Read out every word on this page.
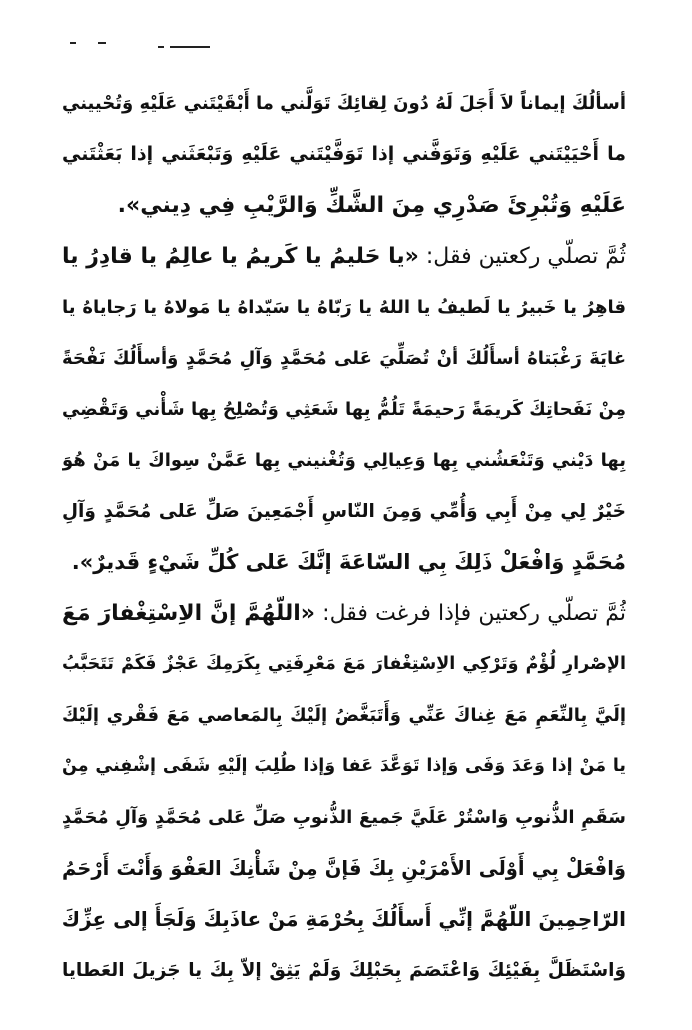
أسألُكَ إيماناً لاَ أَجَلَ لَهُ دُونَ لِقائِكَ تَوَلَّني ما أَبْقَيْتَني عَلَيْهِ وَتُحْييني
ما أَحْيَيْتَني عَلَيْهِ وَتَوَفَّني إذا تَوَفَّيْتَني عَلَيْهِ وَتَبْعَثَني إذا بَعَثْتَني
عَلَيْهِ وَتُبْرِئَ صَدْرِي مِنَ الشَّكِّ وَالرَّيْبِ فِي دِيني».
ثُمَّ تصلّي ركعتين فقل: «يا حَليمُ يا كَريمُ يا عالِمُ يا قادِرُ يا
قاهِرُ يا خَبيرُ يا لَطيفُ يا اللهُ يا رَبّاهُ يا سَيّداهُ يا مَولاهُ يا رَجاياهُ يا
غايَةَ رَغْبَتاهُ أسأَلُكَ أنْ تُصَلِّيَ عَلى مُحَمَّدٍ وَآلِ مُحَمَّدٍ وَأسأَلُكَ نَفْحَةً
مِنْ نَفَحاتِكَ كَريمَةً رَحيمَةً تَلُمُّ بِها شَعَثِي وَتُصْلِحُ بِها شَأْني وَتَقْضِي
بِها دَيْني وَتَنْعَشُني بِها وَعِيالِي وَتُغْنيني بِها عَمَّنْ سِواكَ يا مَنْ هُوَ
خَيْرٌ لِي مِنْ أَبِي وَأُمِّي وَمِنَ النّاسِ أَجْمَعِينَ صَلِّ عَلى مُحَمَّدٍ وَآلِ
مُحَمَّدٍ وَافْعَلْ ذَلِكَ بِي السّاعَةَ إنَّكَ عَلى كُلِّ شَيْءٍ قَديرٌ».
ثُمَّ تصلّي ركعتين فإذا فرغت فقل: «اللّهُمَّ إنَّ الاِسْتِغْفارَ مَعَ
الإصْرارِ لُؤْمٌ وَتَرْكِي الاِسْتِغْفارَ مَعَ مَعْرِفَتِي بِكَرَمِكَ عَجْزٌ فَكَمْ تَتَحَبَّبُ
إلَيَّ بِالنِّعَمِ مَعَ غِناكَ عَنِّي وَأَتَبَغَّضُ إلَيْكَ بِالمَعاصي مَعَ فَقْري إلَيْكَ
يا مَنْ إذا وَعَدَ وَفَى وَإذا تَوَعَّدَ عَفا وَإذا طُلِبَ إلَيْهِ شَفَى إشْفِني مِنْ
سَقَمِ الذُّنوبِ وَاسْتُرْ عَلَيَّ جَميعَ الذُّنوبِ صَلِّ عَلى مُحَمَّدٍ وَآلِ مُحَمَّدٍ
وَافْعَلْ بِي أَوْلَى الأَمْرَيْنِ بِكَ فَإنَّ مِنْ شَأْنِكَ العَفْوَ وَأَنْتَ أَرْحَمُ
الرّاحِمِينَ اللّهُمَّ إنِّي أَسأَلُكَ بِحُرْمَةِ مَنْ عاذَبِكَ وَلَجَأَ إلى عِزِّكَ
وَاسْتَظَلَّ بِفَيْئِكَ وَاعْتَصَمَ بِحَبْلِكَ وَلَمْ يَثِقْ إلاّ بِكَ يا جَزيلَ العَطايا
